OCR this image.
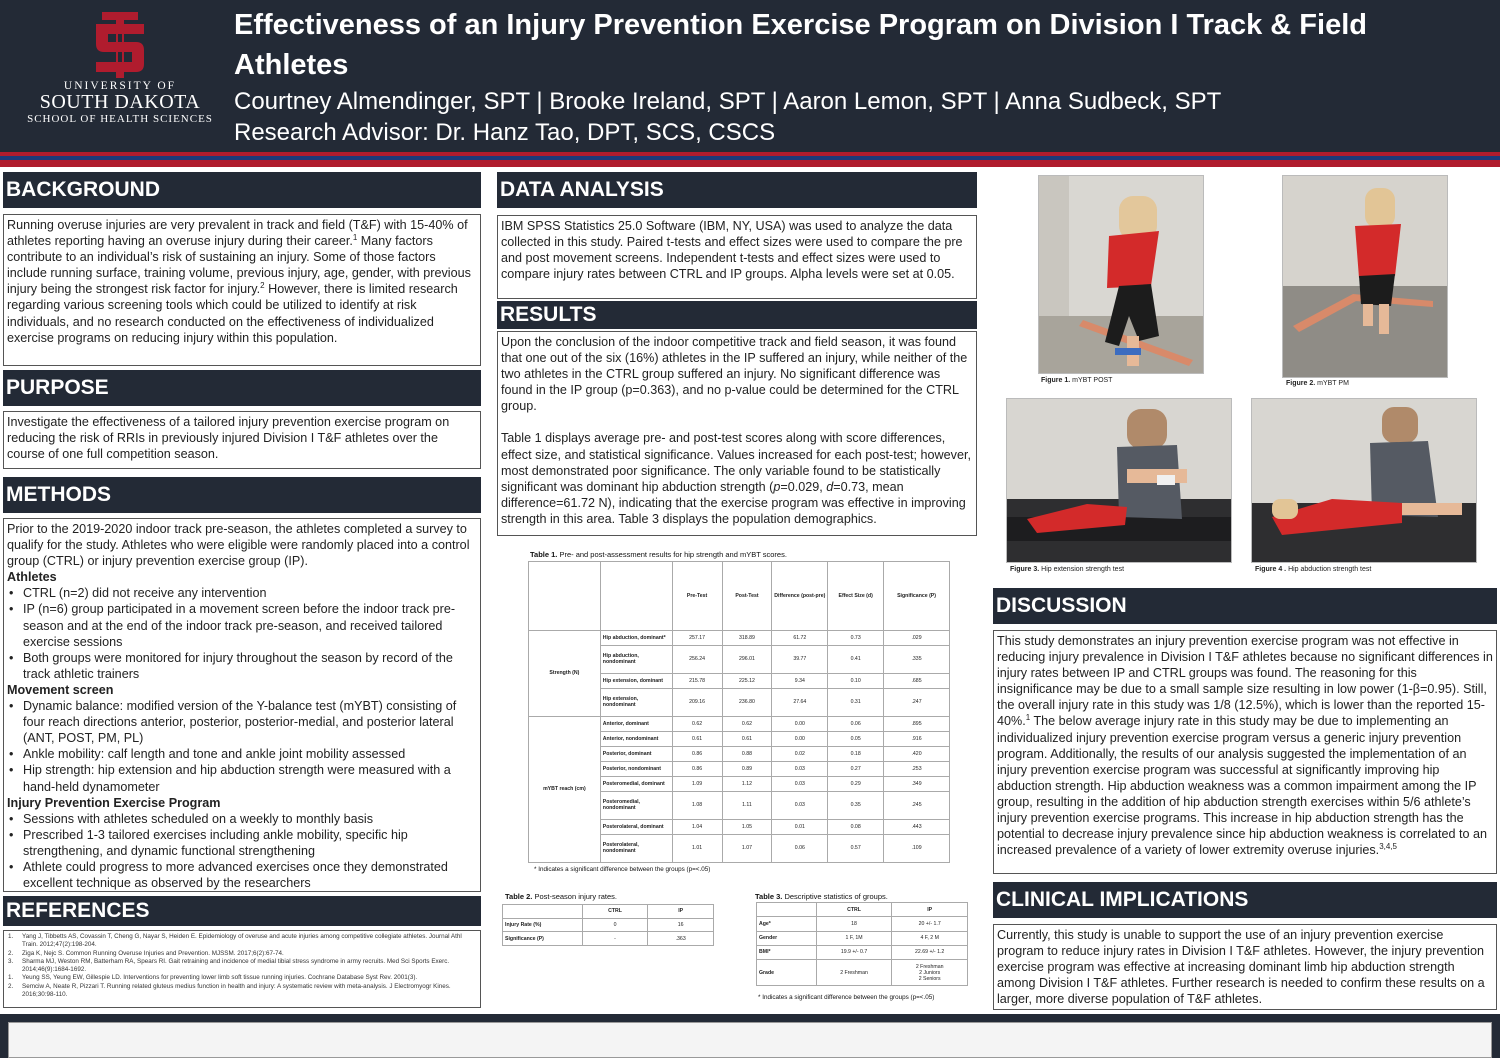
UNIVERSITY OF
SOUTH DAKOTA
SCHOOL OF HEALTH SCIENCES
Effectiveness of an Injury Prevention Exercise Program on Division I Track & Field Athletes
Courtney Almendinger, SPT | Brooke Ireland, SPT | Aaron Lemon, SPT | Anna Sudbeck, SPT
Research Advisor: Dr. Hanz Tao, DPT, SCS, CSCS
BACKGROUND
Running overuse injuries are very prevalent in track and field (T&F) with 15-40% of athletes reporting having an overuse injury during their career.$^1$ Many factors contribute to an individual’s risk of sustaining an injury. Some of those factors include running surface, training volume, previous injury, age, gender, with previous injury being the strongest risk factor for injury.$^2$ However, there is limited research regarding various screening tools which could be utilized to identify at risk individuals, and no research conducted on the effectiveness of individualized exercise programs on reducing injury within this population.
PURPOSE
Investigate the effectiveness of a tailored injury prevention exercise program on reducing the risk of RRIs in previously injured Division I T&F athletes over the course of one full competition season.
METHODS
Prior to the 2019-2020 indoor track pre-season, the athletes completed a survey to qualify for the study. Athletes who were eligible were randomly placed into a control group (CTRL) or injury prevention exercise group (IP).
Athletes
• CTRL (n=2) did not receive any intervention
• IP (n=6) group participated in a movement screen before the indoor track pre-season and at the end of the indoor track pre-season, and received tailored exercise sessions
• Both groups were monitored for injury throughout the season by record of the track athletic trainers
Movement screen
• Dynamic balance: modified version of the Y-balance test (mYBT) consisting of four reach directions anterior, posterior, posterior-medial, and posterior lateral (ANT, POST, PM, PL)
• Ankle mobility: calf length and tone and ankle joint mobility assessed
• Hip strength: hip extension and hip abduction strength were measured with a hand-held dynamometer
Injury Prevention Exercise Program
• Sessions with athletes scheduled on a weekly to monthly basis
• Prescribed 1-3 tailored exercises including ankle mobility, specific hip strengthening, and dynamic functional strengthening
• Athlete could progress to more advanced exercises once they demonstrated excellent technique as observed by the researchers
REFERENCES
1. Yang J, Tibbetts AS, Covassin T, Cheng G, Nayar S, Heiden E. Epidemiology of overuse and acute injuries among competitive collegiate athletes. Journal Athl Train. 2012;47(2):198-204.
2. Ziga K, Nejc S. Common Running Overuse Injuries and Prevention. MJSSM. 2017;6(2):67-74.
3. Sharma MJ, Weston RM, Batterham RA, Spears RI. Gait retraining and incidence of medial tibial stress syndrome in army recruits. Med Sci Sports Exerc. 2014;46(9):1684-1692.
1. Yeung SS, Yeung EW, Gillespie LD. Interventions for preventing lower limb soft tissue running injuries. Cochrane Database Syst Rev. 2001(3).
2. Semciw A, Neate R, Pizzari T. Running related gluteus medius function in health and injury: A systematic review with meta-analysis. J Electromyogr Kines. 2016;30:98-110.
DATA ANALYSIS
IBM SPSS Statistics 25.0 Software (IBM, NY, USA) was used to analyze the data collected in this study. Paired t-tests and effect sizes were used to compare the pre and post movement screens. Independent t-tests and effect sizes were used to compare injury rates between CTRL and IP groups. Alpha levels were set at 0.05.
RESULTS

Upon the conclusion of the indoor competitive track and field season, it was found that one out of the six (16%) athletes in the IP suffered an injury, while neither of the two athletes in the CTRL group suffered an injury. No significant difference was found in the IP group (p=0.363), and no p-value could be determined for the CTRL group.

Table 1 displays average pre- and post-test scores along with score differences, effect size, and statistical significance. Values increased for each post-test; however, most demonstrated poor significance. The only variable found to be statistically significant was dominant hip abduction strength (p=0.029, d=0.73, mean difference=61.72 N), indicating that the exercise program was effective in improving strength in this area. Table 3 displays the population demographics.

Table 1. Pre- and post-assessment results for hip strength and mYBT scores.
		Pre-Test	Post-Test	Difference (post-pre)	Effect Size (d)	Significance (P)
Strength (N)	Hip abduction, dominant*	257.17	318.89	61.72	0.73	.029
	Hip abduction, nondominant	256.24	296.01	39.77	0.41	.335
	Hip extension, dominant	215.78	225.12	9.34	0.10	.685
	Hip extension, nondominant	209.16	236.80	27.64	0.31	.247
mYBT reach (cm)	Anterior, dominant	0.62	0.62	0.00	0.06	.895
	Anterior, nondominant	0.61	0.61	0.00	0.05	.916
	Posterior, dominant	0.86	0.88	0.02	0.18	.420
	Posterior, nondominant	0.86	0.89	0.03	0.27	.253
	Posteromedial, dominant	1.09	1.12	0.03	0.29	.349
	Posteromedial, nondominant	1.08	1.11	0.03	0.35	.245
	Posterolateral, dominant	1.04	1.05	0.01	0.08	.443
	Posterolateral, nondominant	1.01	1.07	0.06	0.57	.109
* Indicates a significant difference between the groups (p=<.05)
Table 2. Post-season injury rates.
	CTRL	IP
Injury Rate (%)	0	16
Significance (P)	-	.363
Table 3. Descriptive statistics of groups.
	CTRL	IP
Age*	18	20 +/- 1.7
Gender	1 F, 1M	4 F, 2 M
BMI*	19.9 +/- 0.7	22.69 +/- 1.2
Grade	2 Freshman	2 Freshman
2 Juniors
2 Seniors
* Indicates a significant difference between the groups (p=<.05)
Figure 1. mYBT POST	Figure 2. mYBT PM
Figure 3. Hip extension strength test	Figure 4 . Hip abduction strength test
DISCUSSION
This study demonstrates an injury prevention exercise program was not effective in reducing injury prevalence in Division I T&F athletes because no significant differences in injury rates between IP and CTRL groups was found. The reasoning for this insignificance may be due to a small sample size resulting in low power (1-β=0.95). Still, the overall injury rate in this study was 1/8 (12.5%), which is lower than the reported 15-40%.$^1$ The below average injury rate in this study may be due to implementing an individualized injury prevention exercise program versus a generic injury prevention program. Additionally, the results of our analysis suggested the implementation of an injury prevention exercise program was successful at significantly improving hip abduction strength. Hip abduction weakness was a common impairment among the IP group, resulting in the addition of hip abduction strength exercises within 5/6 athlete’s injury prevention exercise programs. This increase in hip abduction strength has the potential to decrease injury prevalence since hip abduction weakness is correlated to an increased prevalence of a variety of lower extremity overuse injuries.$^{3,4,5}$
CLINICAL IMPLICATIONS
Currently, this study is unable to support the use of an injury prevention exercise program to reduce injury rates in Division I T&F athletes. However, the injury prevention exercise program was effective at increasing dominant limb hip abduction strength among Division I T&F athletes. Further research is needed to confirm these results on a larger, more diverse population of T&F athletes.
